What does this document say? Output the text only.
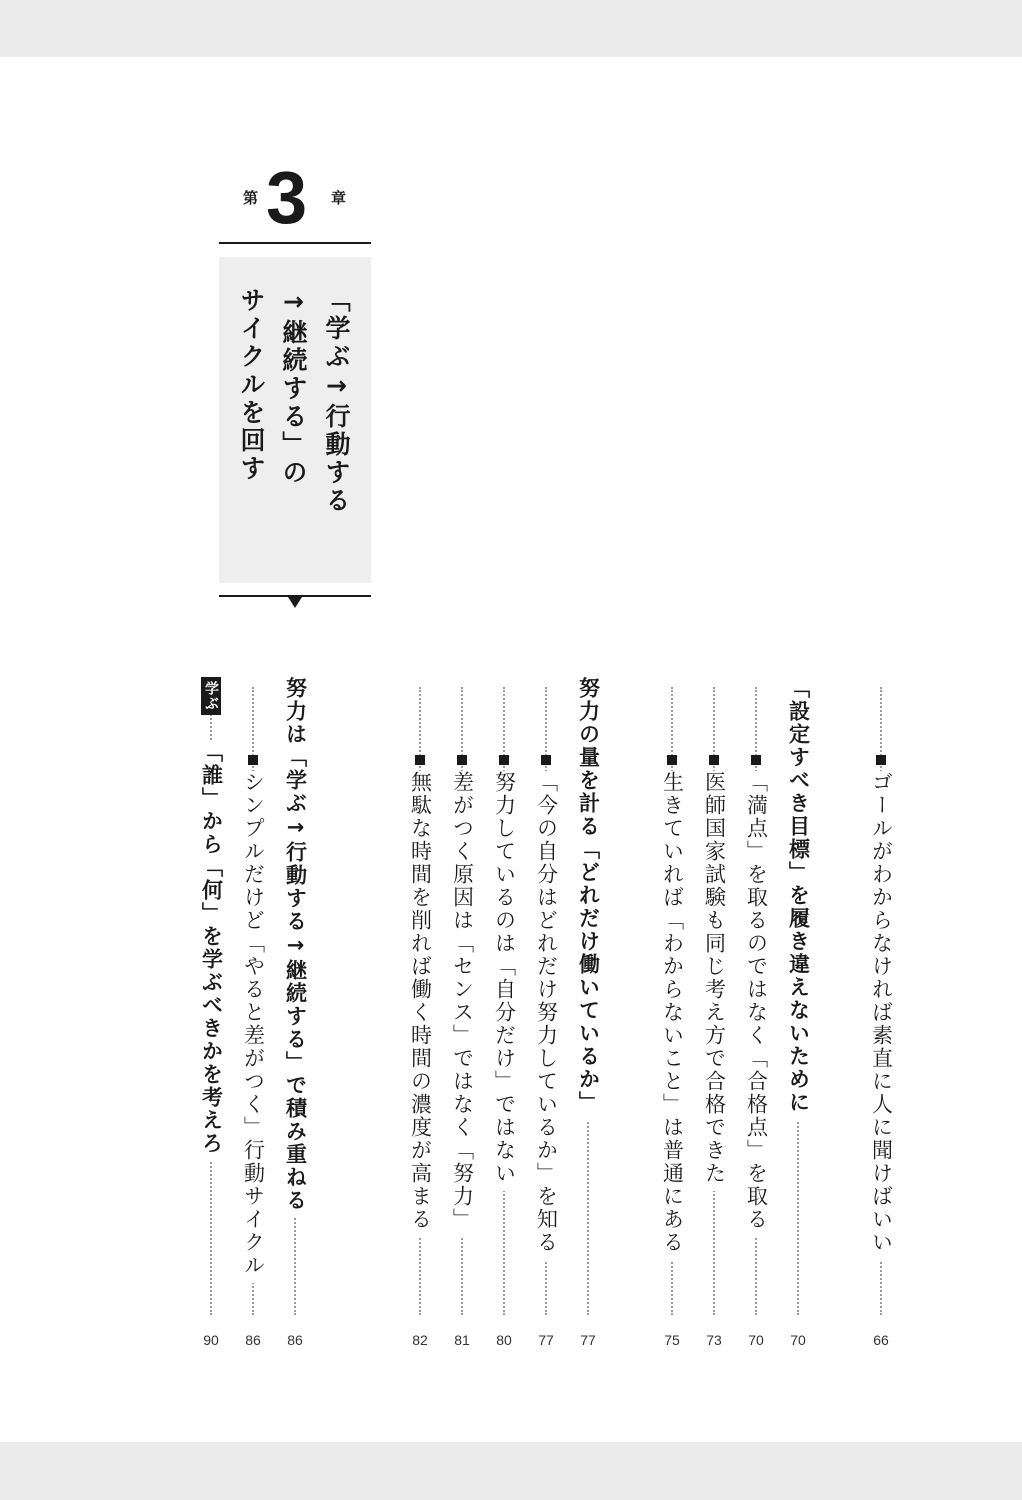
第 3 章
「学ぶ→行動する
→継続する」の
サイクルを回す
ゴールがわからなければ素直に人に聞けばいい
66
「設定すべき目標」を履き違えないために
70
「満点」を取るのではなく「合格点」を取る
70
医師国家試験も同じ考え方で合格できた
73
生きていれば「わからないこと」は普通にある
75
努力の量を計る「どれだけ働いているか」
77
「今の自分はどれだけ努力しているか」を知る
77
努力しているのは「自分だけ」ではない
80
差がつく原因は「センス」ではなく「努力」
81
無駄な時間を削れば働く時間の濃度が高まる
82
努力は「学ぶ→行動する→継続する」で積み重ねる
86
シンプルだけど「やると差がつく」行動サイクル
86
学ぶ
「誰」から「何」を学ぶべきかを考えろ
90
